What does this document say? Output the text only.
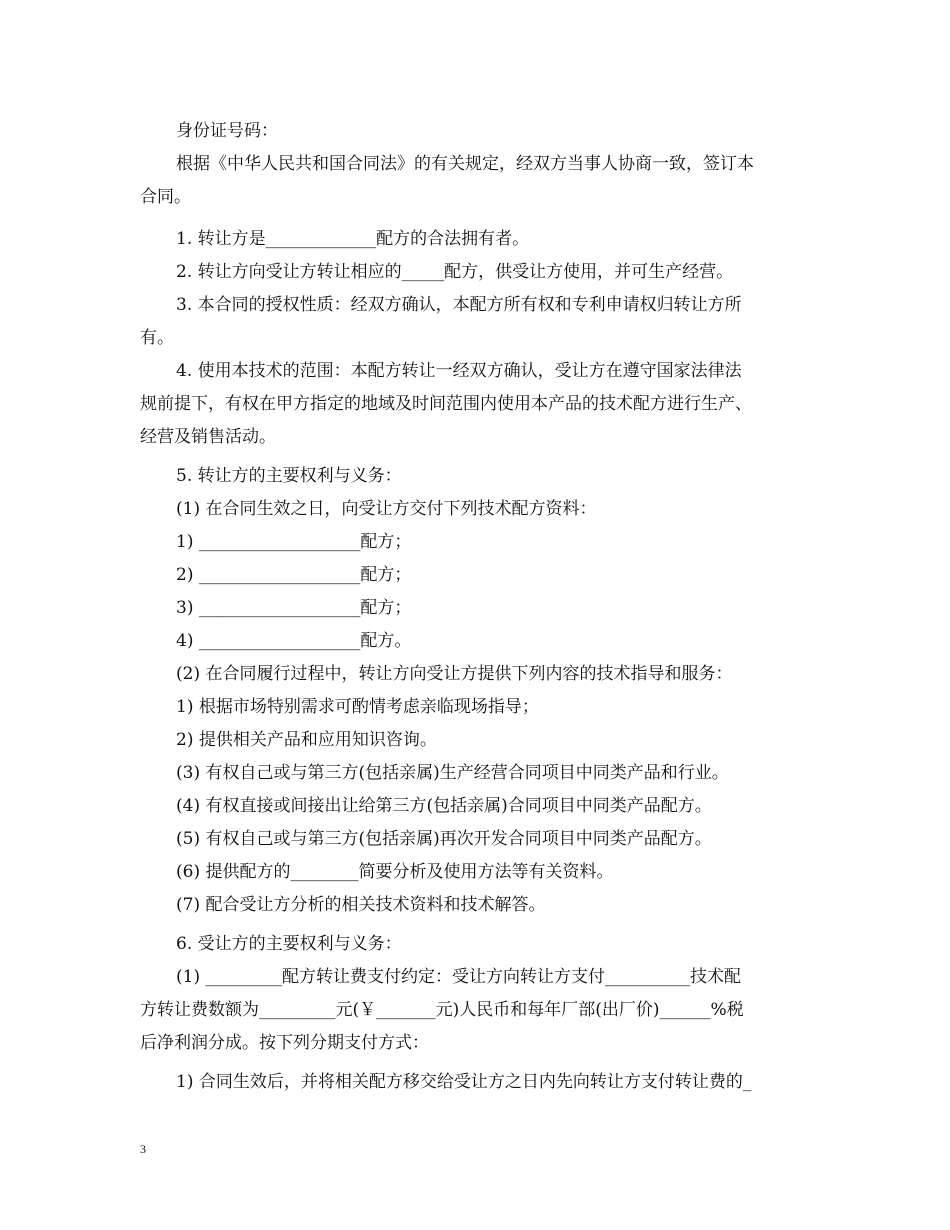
身份证号码：
根据《中华人民共和国合同法》的有关规定，经双方当事人协商一致，签订本
合同。
1. 转让方是_____________配方的合法拥有者。
2. 转让方向受让方转让相应的_____配方，供受让方使用，并可生产经营。
3. 本合同的授权性质：经双方确认，本配方所有权和专利申请权归转让方所
有。
4. 使用本技术的范围：本配方转让一经双方确认，受让方在遵守国家法律法
规前提下，有权在甲方指定的地域及时间范围内使用本产品的技术配方进行生产、
经营及销售活动。
5. 转让方的主要权利与义务：
(1) 在合同生效之日，向受让方交付下列技术配方资料：
1) ___________________配方；
2) ___________________配方；
3) ___________________配方；
4) ___________________配方。
(2) 在合同履行过程中，转让方向受让方提供下列内容的技术指导和服务：
1) 根据市场特别需求可酌情考虑亲临现场指导；
2) 提供相关产品和应用知识咨询。
(3) 有权自己或与第三方(包括亲属)生产经营合同项目中同类产品和行业。
(4) 有权直接或间接出让给第三方(包括亲属)合同项目中同类产品配方。
(5) 有权自己或与第三方(包括亲属)再次开发合同项目中同类产品配方。
(6) 提供配方的________简要分析及使用方法等有关资料。
(7) 配合受让方分析的相关技术资料和技术解答。
6. 受让方的主要权利与义务：
(1) _________配方转让费支付约定：受让方向转让方支付__________技术配
方转让费数额为_________元(￥_______元)人民币和每年厂部(出厂价)______%税
后净利润分成。按下列分期支付方式：
1) 合同生效后，并将相关配方移交给受让方之日内先向转让方支付转让费的_
3
